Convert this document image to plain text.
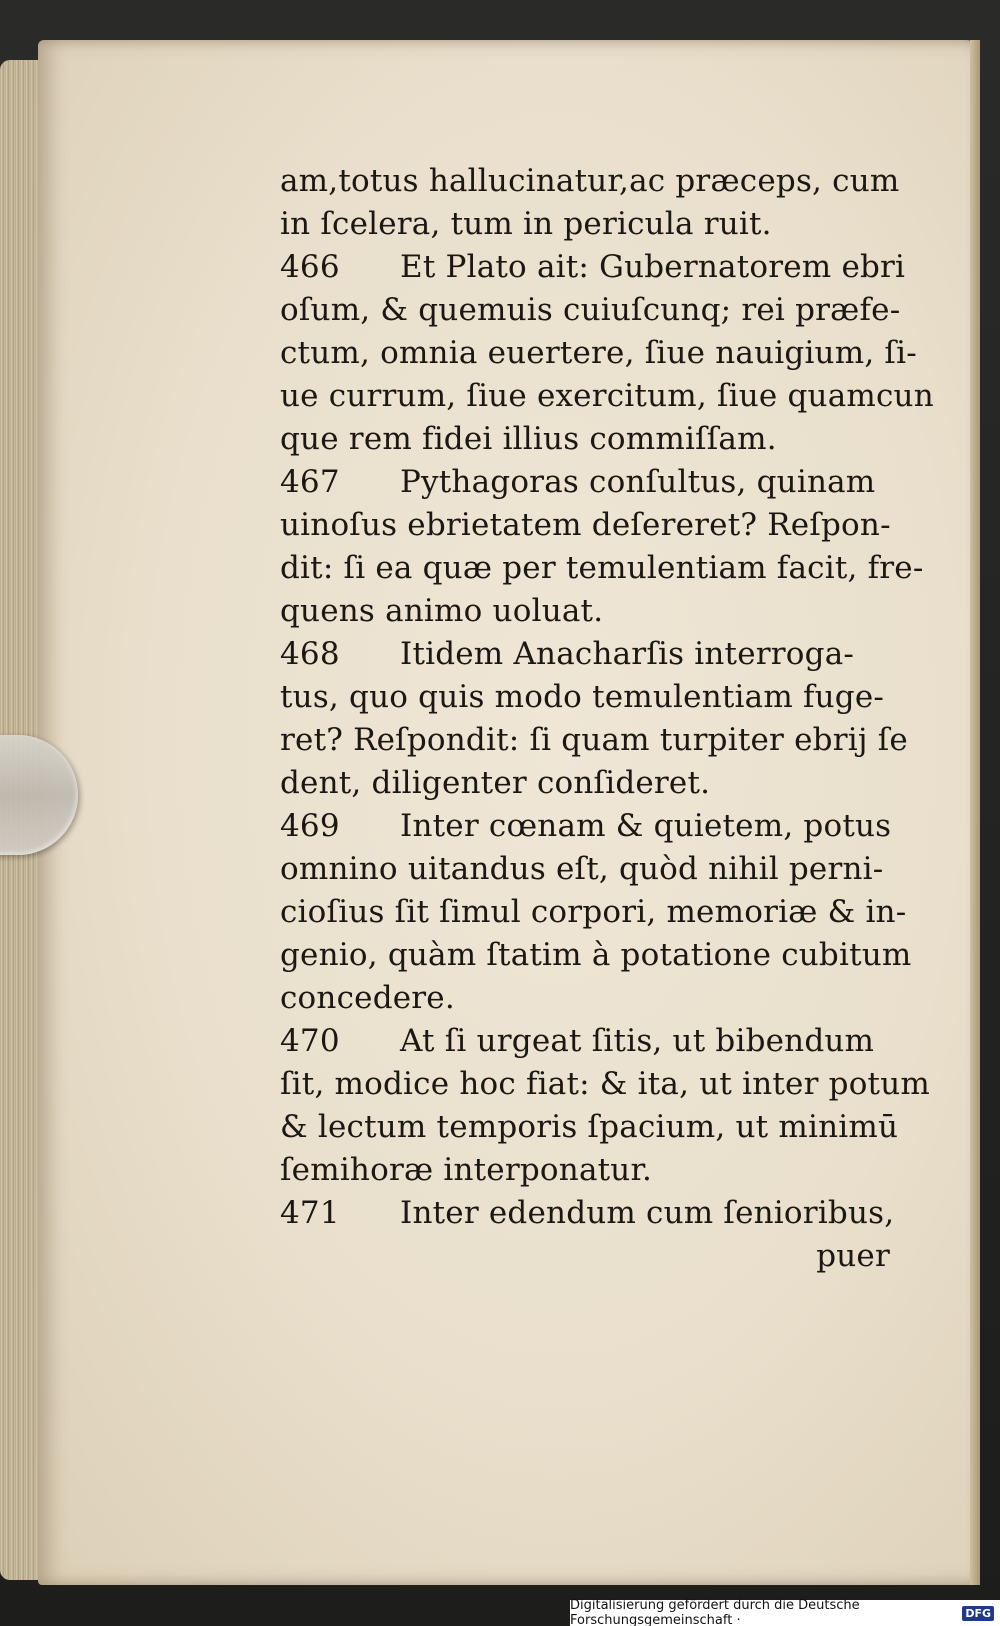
am,totus hallucinatur,ac præceps, cum
in ſcelera, tum in pericula ruit.
466 Et Plato ait: Gubernatorem ebri
oſum, & quemuis cuiuſcunq; rei præfe-
ctum, omnia euertere, ſiue nauigium, ſi-
ue currum, ſiue exercitum, ſiue quamcun
que rem fidei illius commiſſam.
467 Pythagoras conſultus, quinam
uinoſus ebrietatem deſereret? Reſpon-
dit: ſi ea quæ per temulentiam facit, fre-
quens animo uoluat.
468 Itidem Anacharſis interroga-
tus, quo quis modo temulentiam fuge-
ret? Reſpondit: ſi quam turpiter ebrij ſe
dent, diligenter conſideret.
469 Inter cœnam & quietem, potus
omnino uitandus eſt, quòd nihil perni-
cioſius ſit ſimul corpori, memoriæ & in-
genio, quàm ſtatim à potatione cubitum
concedere.
470 At ſi urgeat ſitis, ut bibendum
ſit, modice hoc fiat: & ita, ut inter potum
& lectum temporis ſpacium, ut minimū
ſemihoræ interponatur.
471 Inter edendum cum ſenioribus,
puer
Digitalisierung gefördert durch die Deutsche Forschungsgemeinschaft ·	DFG
